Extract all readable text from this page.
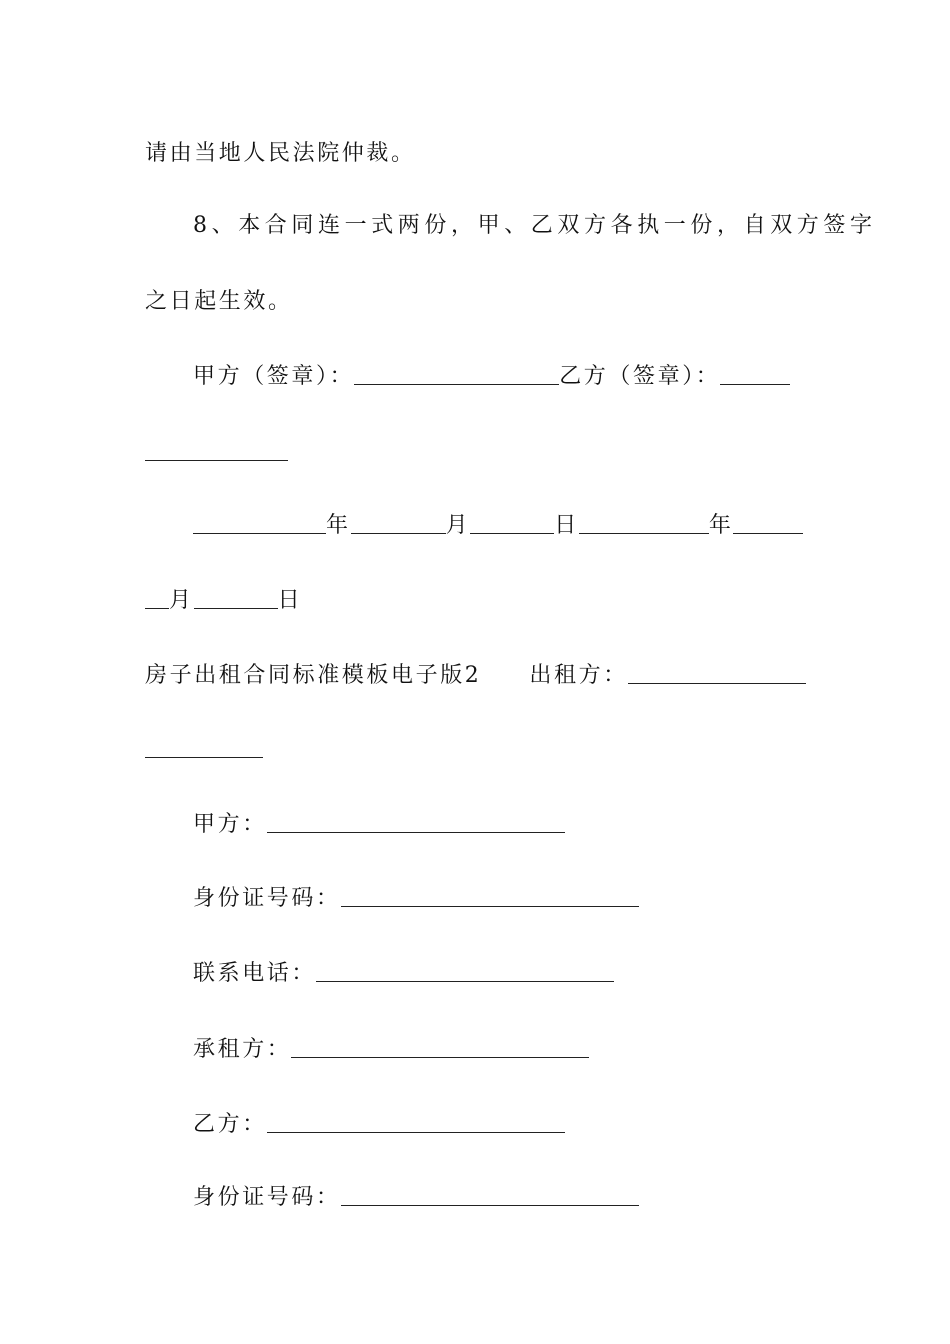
请由当地人民法院仲裁。
8、本合同连一式两份，甲、乙双方各执一份，自双方签字
之日起生效。
甲方（签章）：	乙方（签章）：
年	月	日	年
月	日
房子出租合同标准模板电子版2 出租方：
甲方：
身份证号码：
联系电话：
承租方：
乙方：
身份证号码：
